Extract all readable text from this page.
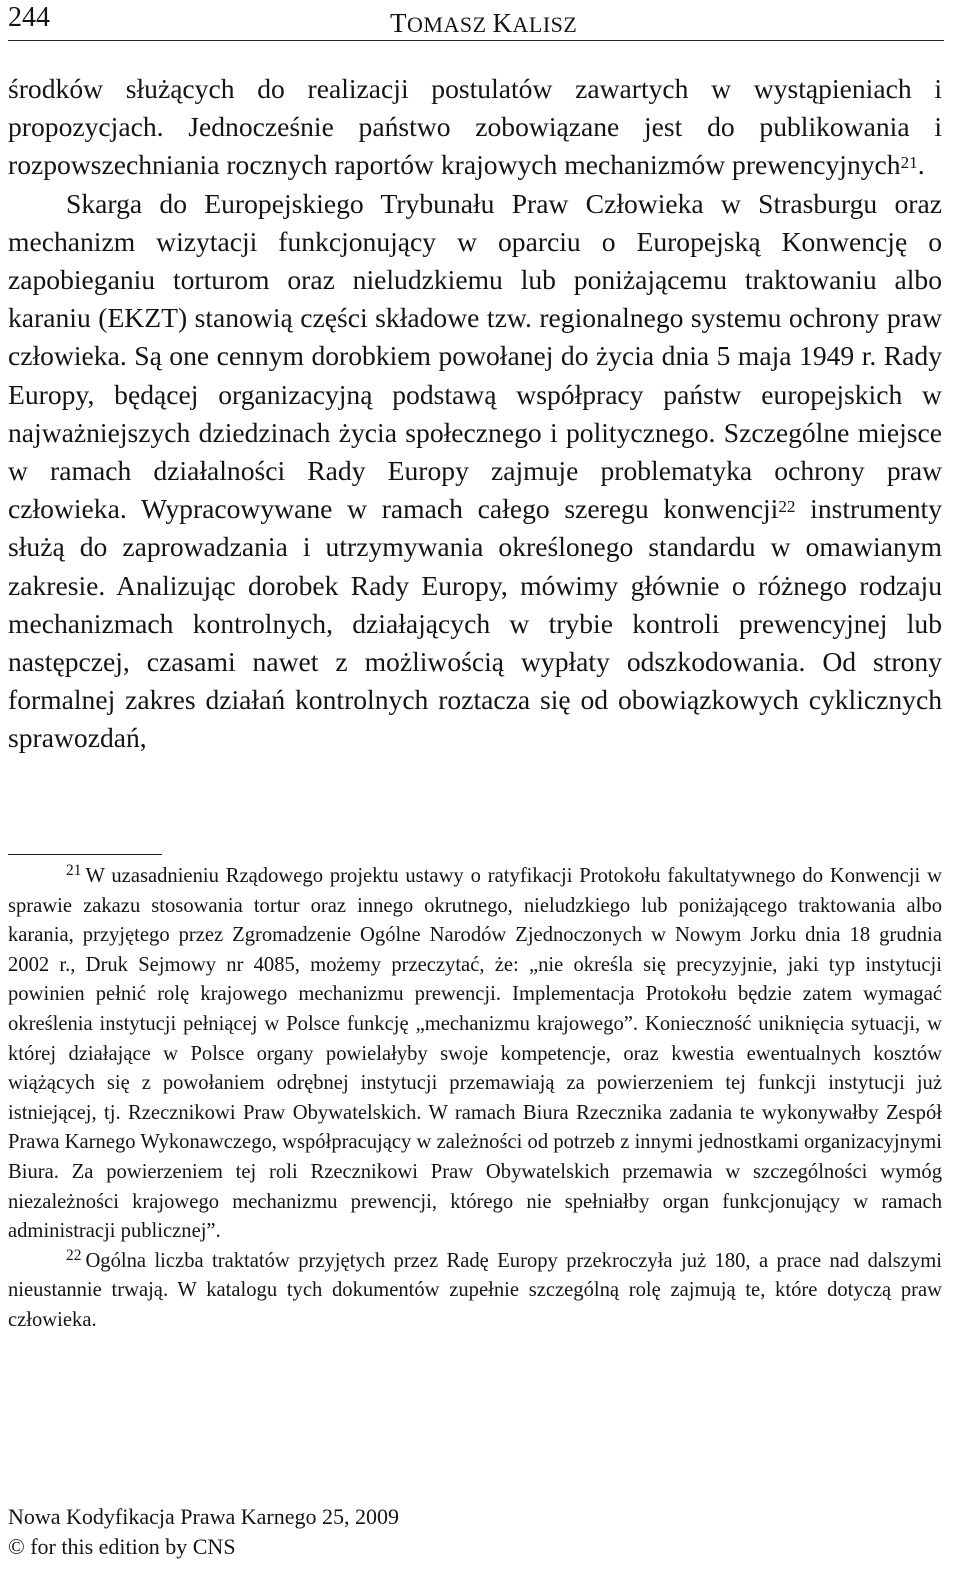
244	TOMASZ KALISZ

środków służących do realizacji postulatów zawartych w wystąpieniach i propozycjach. Jednocześnie państwo zobowiązane jest do publikowania i rozpowszechniania rocznych raportów krajowych mechanizmów prewencyjnych$^{21}$.

Skarga do Europejskiego Trybunału Praw Człowieka w Strasburgu oraz mechanizm wizytacji funkcjonujący w oparciu o Europejską Konwencję o zapobieganiu torturom oraz nieludzkiemu lub poniżającemu traktowaniu albo karaniu (EKZT) stanowią części składowe tzw. regionalnego systemu ochrony praw człowieka. Są one cennym dorobkiem powołanej do życia dnia 5 maja 1949 r. Rady Europy, będącej organizacyjną podstawą współpracy państw europejskich w najważniejszych dziedzinach życia społecznego i politycznego. Szczególne miejsce w ramach działalności Rady Europy zajmuje problematyka ochrony praw człowieka. Wypracowywane w ramach całego szeregu konwencji$^{22}$ instrumenty służą do zaprowadzania i utrzymywania określonego standardu w omawianym zakresie. Analizując dorobek Rady Europy, mówimy głównie o różnego rodzaju mechanizmach kontrolnych, działających w trybie kontroli prewencyjnej lub następczej, czasami nawet z możliwością wypłaty odszkodowania. Od strony formalnej zakres działań kontrolnych roztacza się od obowiązkowych cyklicznych sprawozdań,

$^{21}$ W uzasadnieniu Rządowego projektu ustawy o ratyfikacji Protokołu fakultatywnego do Konwencji w sprawie zakazu stosowania tortur oraz innego okrutnego, nieludzkiego lub poniżającego traktowania albo karania, przyjętego przez Zgromadzenie Ogólne Narodów Zjednoczonych w Nowym Jorku dnia 18 grudnia 2002 r., Druk Sejmowy nr 4085, możemy przeczytać, że: „nie określa się precyzyjnie, jaki typ instytucji powinien pełnić rolę krajowego mechanizmu prewencji. Implementacja Protokołu będzie zatem wymagać określenia instytucji pełniącej w Polsce funkcję „mechanizmu krajowego”. Konieczność uniknięcia sytuacji, w której działające w Polsce organy powielałyby swoje kompetencje, oraz kwestia ewentualnych kosztów wiążących się z powołaniem odrębnej instytucji przemawiają za powierzeniem tej funkcji instytucji już istniejącej, tj. Rzecznikowi Praw Obywatelskich. W ramach Biura Rzecznika zadania te wykonywałby Zespół Prawa Karnego Wykonawczego, współpracujący w zależności od potrzeb z innymi jednostkami organizacyjnymi Biura. Za powierzeniem tej roli Rzecznikowi Praw Obywatelskich przemawia w szczególności wymóg niezależności krajowego mechanizmu prewencji, którego nie spełniałby organ funkcjonujący w ramach administracji publicznej”.

$^{22}$ Ogólna liczba traktatów przyjętych przez Radę Europy przekroczyła już 180, a prace nad dalszymi nieustannie trwają. W katalogu tych dokumentów zupełnie szczególną rolę zajmują te, które dotyczą praw człowieka.

Nowa Kodyfikacja Prawa Karnego 25, 2009
© for this edition by CNS
